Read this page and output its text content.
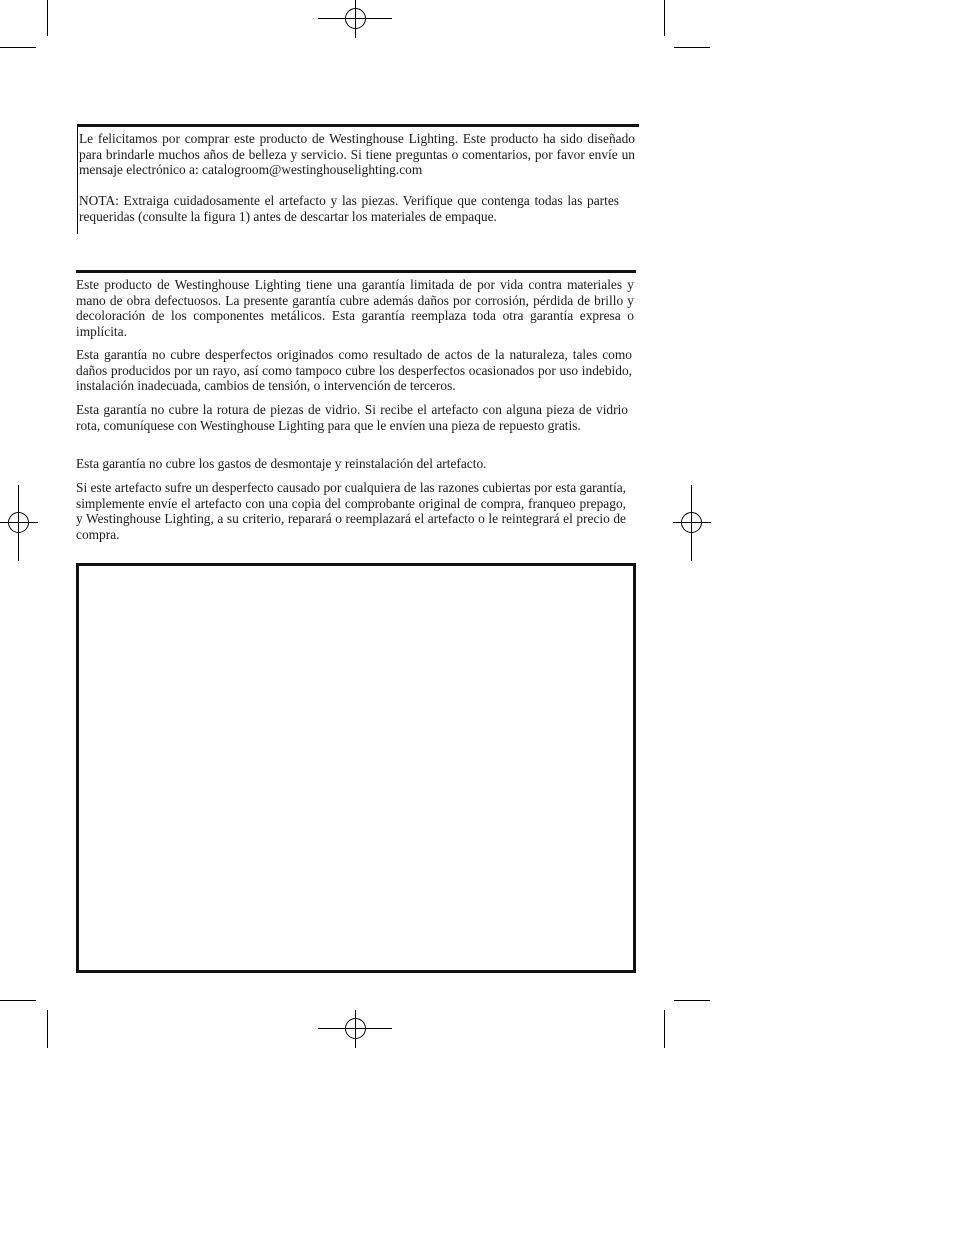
Le felicitamos por comprar este producto de Westinghouse Lighting. Este producto ha sido diseñado para brindarle muchos años de belleza y servicio. Si tiene preguntas o comentarios, por favor envíe un mensaje electrónico a: catalogroom@westinghouselighting.com

NOTA: Extraiga cuidadosamente el artefacto y las piezas. Verifique que contenga todas las partes requeridas (consulte la figura 1) antes de descartar los materiales de empaque.

Este producto de Westinghouse Lighting tiene una garantía limitada de por vida contra materiales y mano de obra defectuosos. La presente garantía cubre además daños por corrosión, pérdida de brillo y decoloración de los componentes metálicos. Esta garantía reemplaza toda otra garantía expresa o implícita.

Esta garantía no cubre desperfectos originados como resultado de actos de la naturaleza, tales como daños producidos por un rayo, así como tampoco cubre los desperfectos ocasionados por uso indebido, instalación inadecuada, cambios de tensión, o intervención de terceros.

Esta garantía no cubre la rotura de piezas de vidrio. Si recibe el artefacto con alguna pieza de vidrio rota, comuníquese con Westinghouse Lighting para que le envíen una pieza de repuesto gratis.

Esta garantía no cubre los gastos de desmontaje y reinstalación del artefacto.

Si este artefacto sufre un desperfecto causado por cualquiera de las razones cubiertas por esta garantía, simplemente envíe el artefacto con una copia del comprobante original de compra, franqueo prepago, y Westinghouse Lighting, a su criterio, reparará o reemplazará el artefacto o le reintegrará el precio de compra.
